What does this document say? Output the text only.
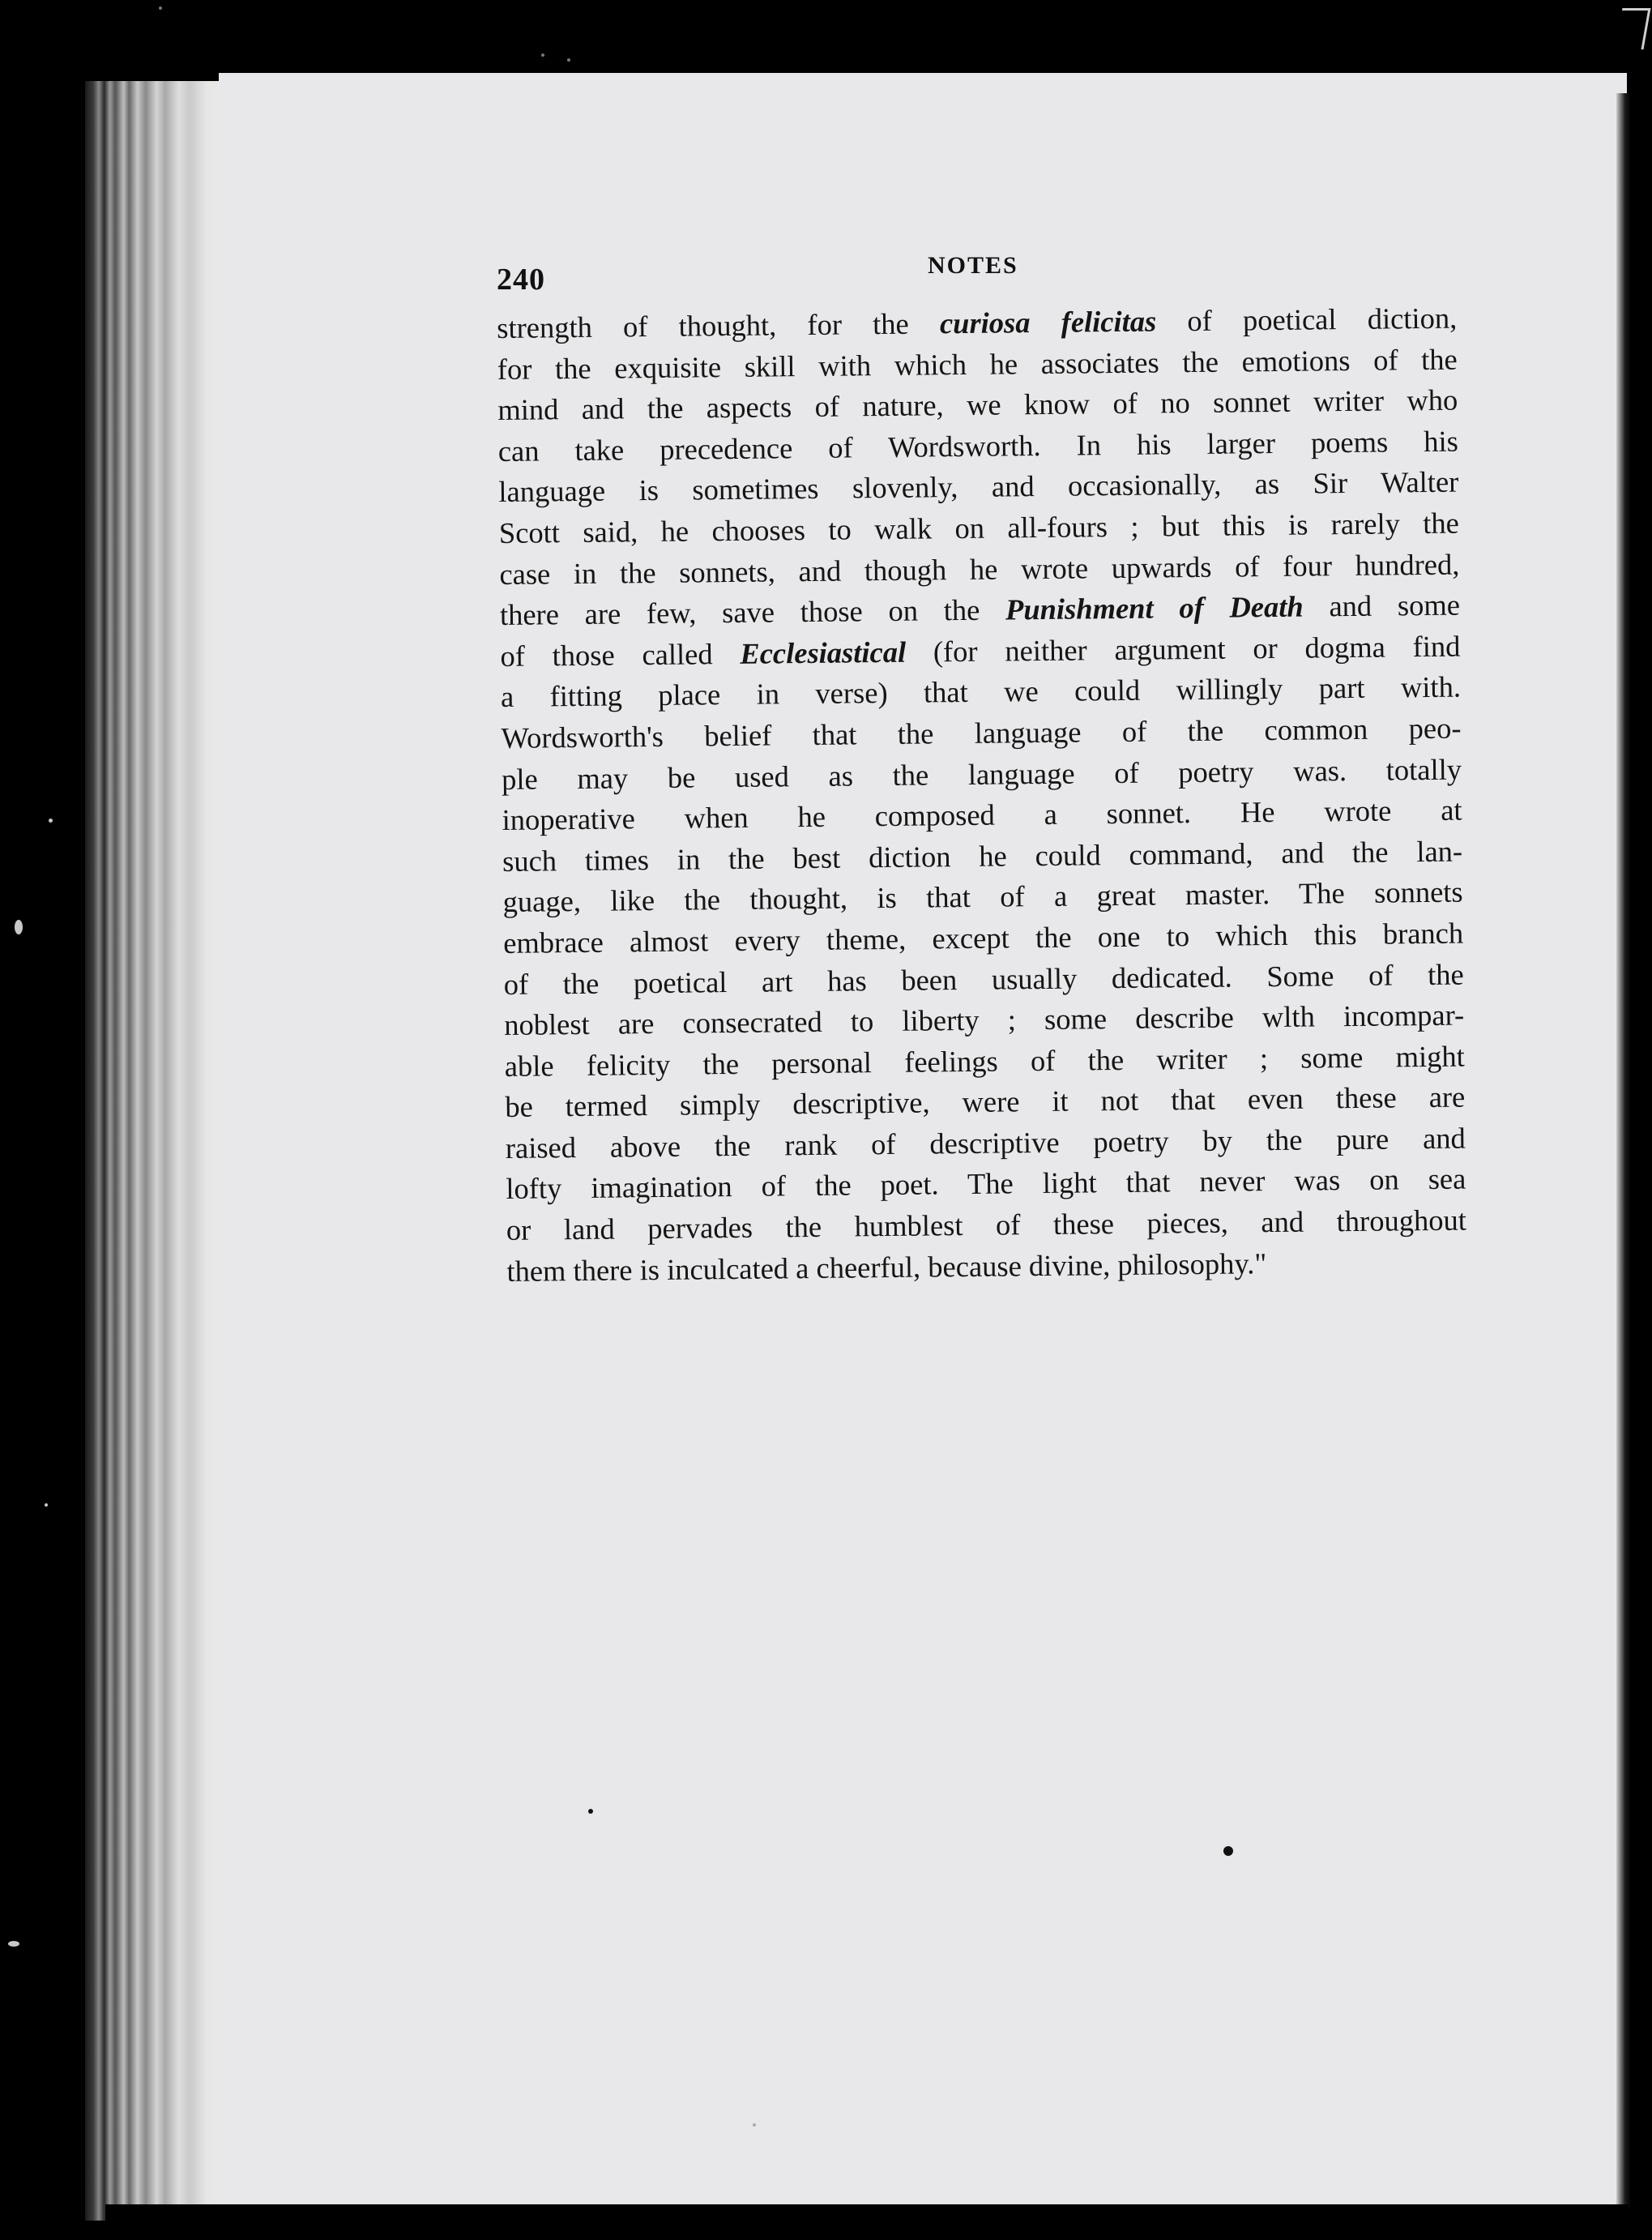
240	NOTES
strength of thought, for the curiosa felicitas of poetical diction,
for the exquisite skill with which he associates the emotions of the
mind and the aspects of nature, we know of no sonnet writer who
can take precedence of Wordsworth. In his larger poems his
language is sometimes slovenly, and occasionally, as Sir Walter
Scott said, he chooses to walk on all-fours ; but this is rarely the
case in the sonnets, and though he wrote upwards of four hundred,
there are few, save those on the Punishment of Death and some
of those called Ecclesiastical (for neither argument or dogma find
a fitting place in verse) that we could willingly part with.
Wordsworth's belief that the language of the common peo-
ple may be used as the language of poetry was. totally
inoperative when he composed a sonnet. He wrote at
such times in the best diction he could command, and the lan-
guage, like the thought, is that of a great master. The sonnets
embrace almost every theme, except the one to which this branch
of the poetical art has been usually dedicated. Some of the
noblest are consecrated to liberty ; some describe wlth incompar-
able felicity the personal feelings of the writer ; some might
be termed simply descriptive, were it not that even these are
raised above the rank of descriptive poetry by the pure and
lofty imagination of the poet. The light that never was on sea
or land pervades the humblest of these pieces, and throughout
them there is inculcated a cheerful, because divine, philosophy."
